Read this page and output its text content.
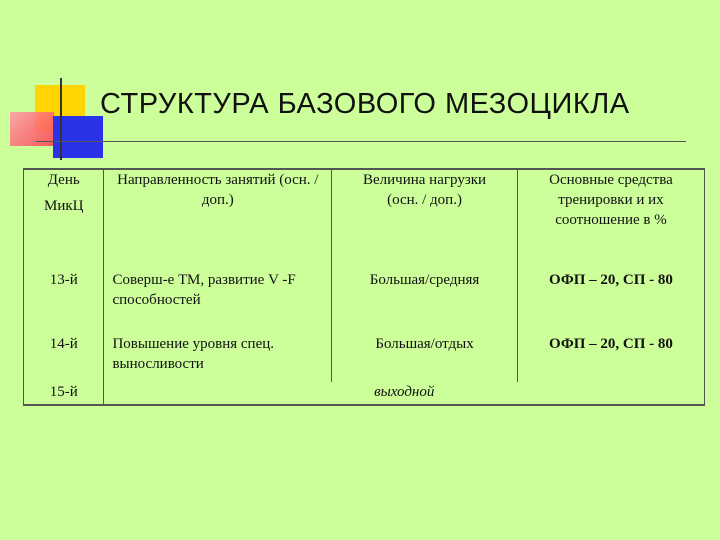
СТРУКТУРА БАЗОВОГО МЕЗОЦИКЛА
День
МикЦ	Направленность занятий (осн. / доп.)	Величина нагрузки (осн. / доп.)	Основные средства тренировки и их соотношение в %

13-й	Соверш-е ТМ, развитие V -F способностей	Большая/средняя	ОФП – 20, СП - 80
14-й	Повышение уровня спец. выносливости	Большая/отдых	ОФП – 20, СП - 80
15-й	выходной		
